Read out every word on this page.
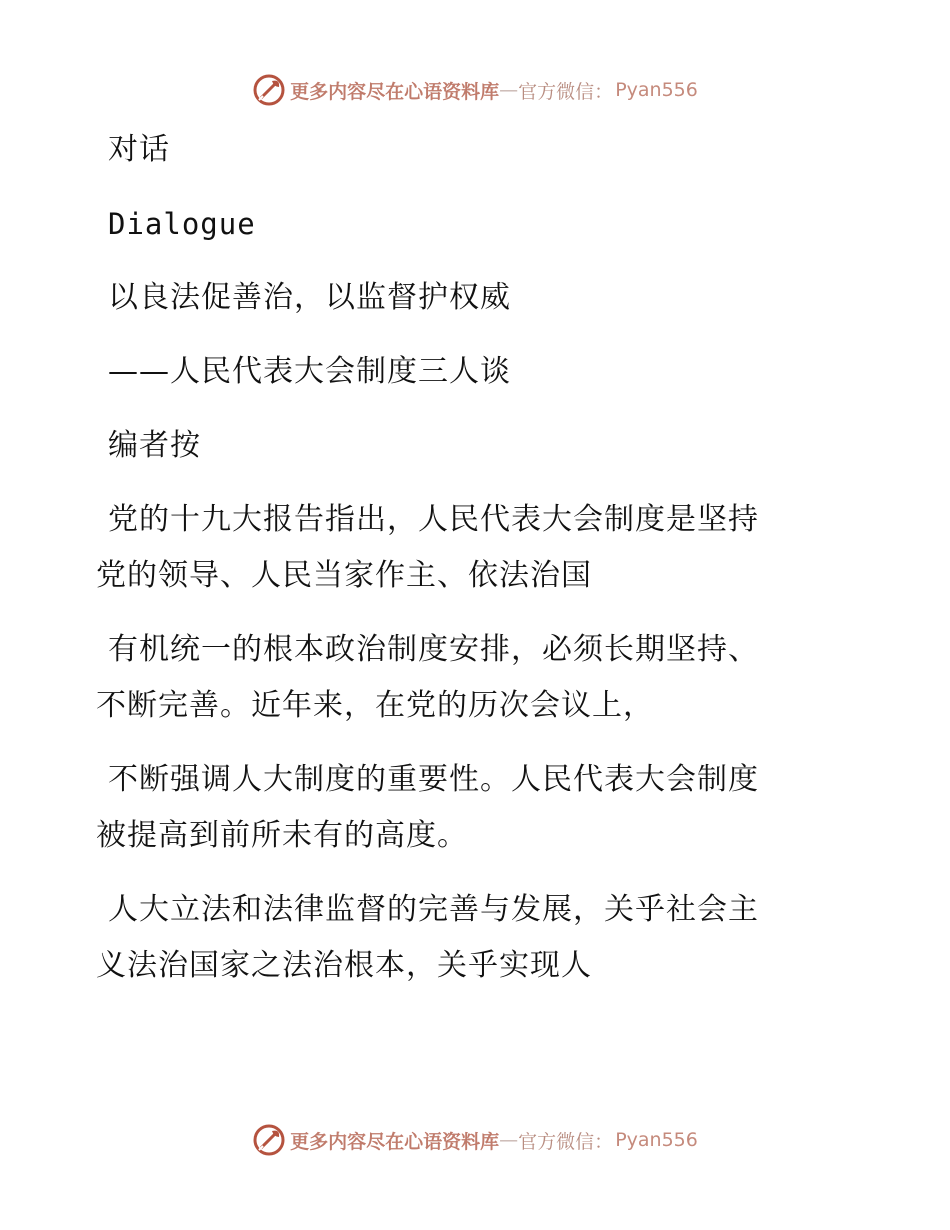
更多内容尽在心语资料库 — 官方微信： Pyan556
对话
Dialogue
以良法促善治，以监督护权威
——人民代表大会制度三人谈
编者按
党的十九大报告指出，人民代表大会制度是坚持
党的领导、人民当家作主、依法治国
有机统一的根本政治制度安排，必须长期坚持、
不断完善。近年来，在党的历次会议上，
不断强调人大制度的重要性。人民代表大会制度
被提高到前所未有的高度。
人大立法和法律监督的完善与发展，关乎社会主
义法治国家之法治根本，关乎实现人
更多内容尽在心语资料库 — 官方微信： Pyan556
